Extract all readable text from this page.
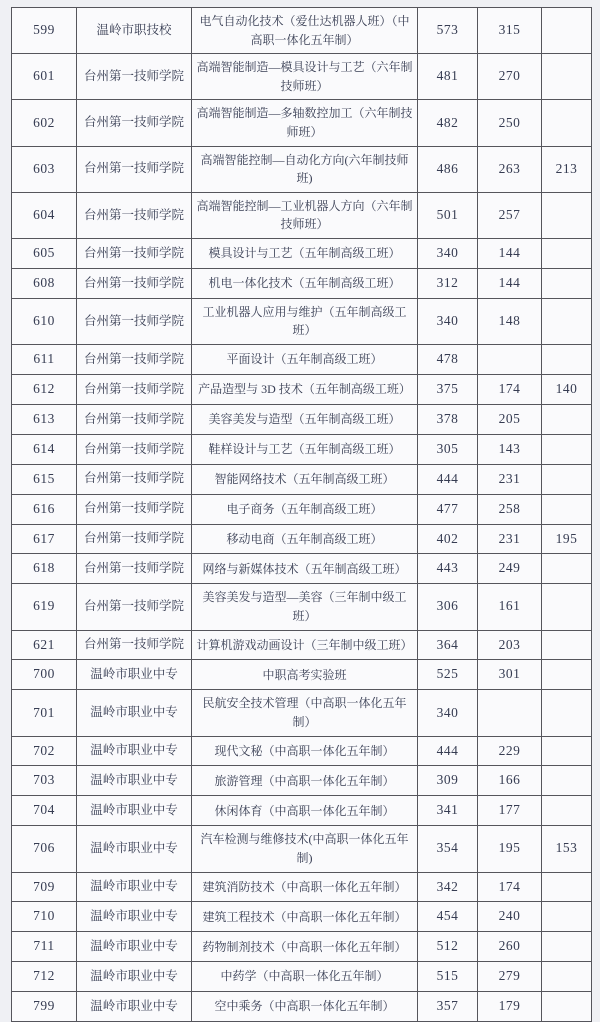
599	温岭市职技校	电气自动化技术（爱仕达机器人班）（中高职一体化五年制）	573	315	
601	台州第一技师学院	高端智能制造—模具设计与工艺（六年制技师班）	481	270	
602	台州第一技师学院	高端智能制造—多轴数控加工（六年制技师班）	482	250	
603	台州第一技师学院	高端智能控制—自动化方向(六年制技师班)	486	263	213
604	台州第一技师学院	高端智能控制—工业机器人方向（六年制技师班）	501	257	
605	台州第一技师学院	模具设计与工艺（五年制高级工班）	340	144	
608	台州第一技师学院	机电一体化技术（五年制高级工班）	312	144	
610	台州第一技师学院	工业机器人应用与维护（五年制高级工班）	340	148	
611	台州第一技师学院	平面设计（五年制高级工班）	478		
612	台州第一技师学院	产品造型与 3D 技术（五年制高级工班）	375	174	140
613	台州第一技师学院	美容美发与造型（五年制高级工班）	378	205	
614	台州第一技师学院	鞋样设计与工艺（五年制高级工班）	305	143	
615	台州第一技师学院	智能网络技术（五年制高级工班）	444	231	
616	台州第一技师学院	电子商务（五年制高级工班）	477	258	
617	台州第一技师学院	移动电商（五年制高级工班）	402	231	195
618	台州第一技师学院	网络与新媒体技术（五年制高级工班）	443	249	
619	台州第一技师学院	美容美发与造型—美容（三年制中级工班）	306	161	
621	台州第一技师学院	计算机游戏动画设计（三年制中级工班）	364	203	
700	温岭市职业中专	中职高考实验班	525	301	
701	温岭市职业中专	民航安全技术管理（中高职一体化五年制）	340		
702	温岭市职业中专	现代文秘（中高职一体化五年制）	444	229	
703	温岭市职业中专	旅游管理（中高职一体化五年制）	309	166	
704	温岭市职业中专	休闲体育（中高职一体化五年制）	341	177	
706	温岭市职业中专	汽车检测与维修技术(中高职一体化五年制)	354	195	153
709	温岭市职业中专	建筑消防技术（中高职一体化五年制）	342	174	
710	温岭市职业中专	建筑工程技术（中高职一体化五年制）	454	240	
711	温岭市职业中专	药物制剂技术（中高职一体化五年制）	512	260	
712	温岭市职业中专	中药学（中高职一体化五年制）	515	279	
799	温岭市职业中专	空中乘务（中高职一体化五年制）	357	179	
